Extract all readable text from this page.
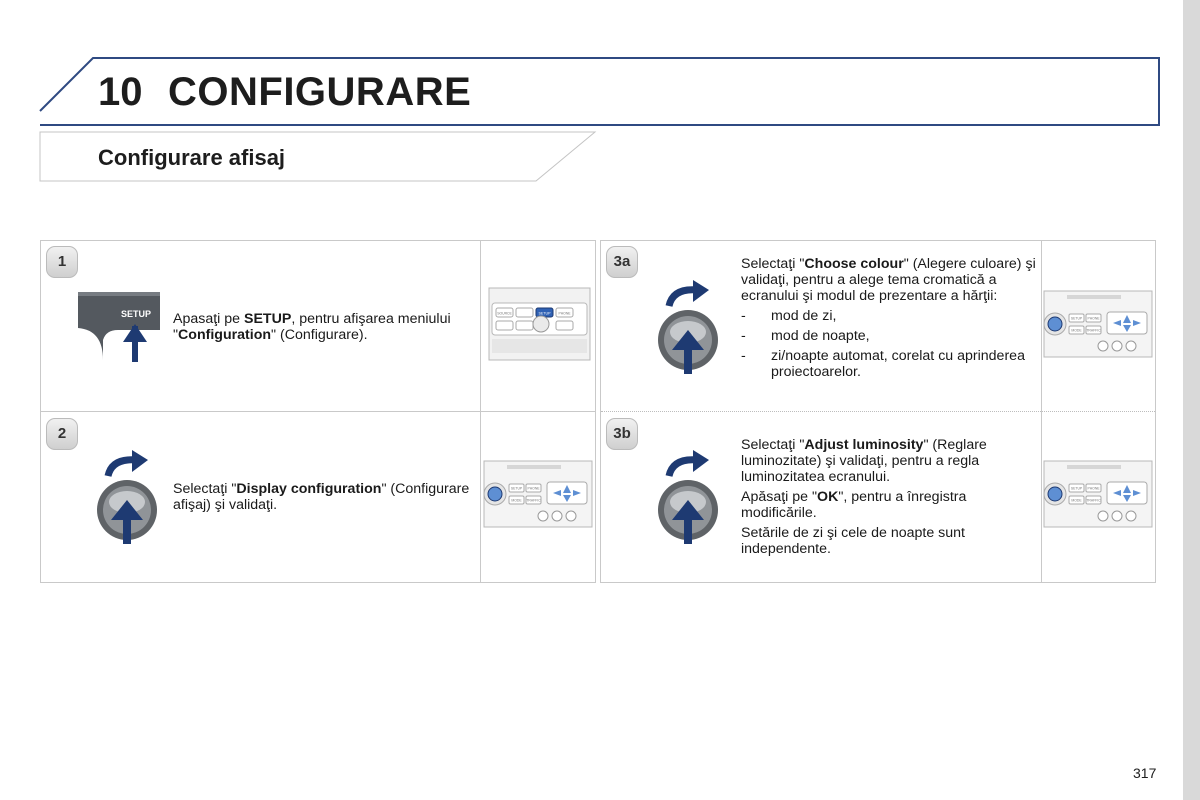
10 CONFIGURARE
Configurare afisaj
1
SETUP Apasaţi pe SETUP, pentru afişarea meniului "Configuration" (Configurare).

SETUP
SOURCE	PHONE
2

Selectaţi "Display configuration" (Configurare afişaj) şi validaţi.

SETUP PHONE
MODE TRAFFIC
3a	Selectaţi "Choose colour" (Alegere culoare) şi validaţi, pentru a alege tema cromatică a ecranului şi modul de prezentare a hărţii:

- mod de zi,
- mod de noapte,
- zi/noapte automat, corelat cu aprinderea proiectoarelor.
SETUP PHONE
MODE TRAFFIC
3b

Selectaţi "Adjust luminosity" (Reglare luminozitate) şi validaţi, pentru a regla luminozitatea ecranului.

Apăsaţi pe "OK", pentru a înregistra modificările.

Setările de zi şi cele de noapte sunt independente.

SETUP PHONE
MODE TRAFFIC
317
